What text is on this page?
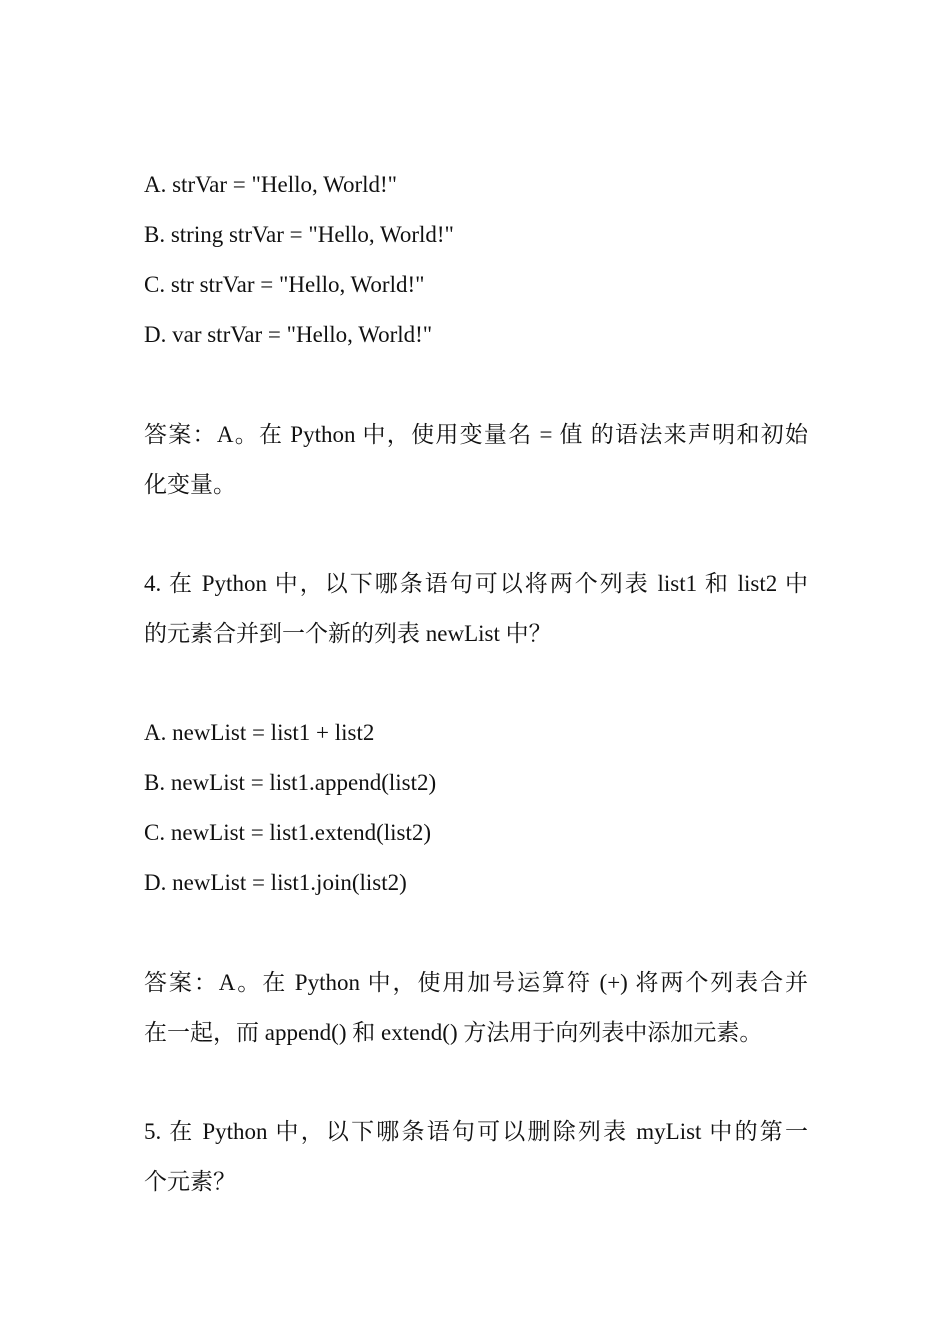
A. strVar = "Hello, World!"
B. string strVar = "Hello, World!"
C. str strVar = "Hello, World!"
D. var strVar = "Hello, World!"
答案：A。在 Python 中，使用变量名 = 值 的语法来声明和初始
化变量。
4. 在 Python 中，以下哪条语句可以将两个列表 list1 和 list2 中
的元素合并到一个新的列表 newList 中？
A. newList = list1 + list2
B. newList = list1.append(list2)
C. newList = list1.extend(list2)
D. newList = list1.join(list2)
答案：A。在 Python 中，使用加号运算符 (+) 将两个列表合并
在一起，而 append() 和 extend() 方法用于向列表中添加元素。
5. 在 Python 中，以下哪条语句可以删除列表 myList 中的第一
个元素？
